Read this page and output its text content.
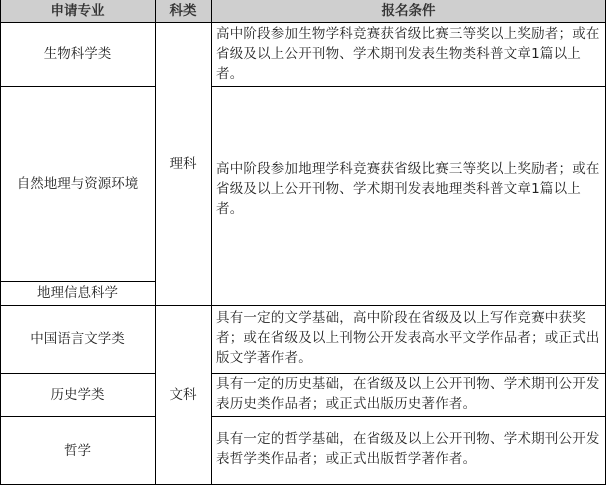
申请专业	科类	报名条件
生物科学类
自然地理与资源环境
地理信息科学
中国语言文学类
历史学类
哲学
理科
文科
高中阶段参加生物学科竞赛获省级比赛三等奖以上奖励者；或在省级及以上公开刊物、学术期刊发表生物类科普文章1篇以上者。
高中阶段参加地理学科竞赛获省级比赛三等奖以上奖励者；或在省级及以上公开刊物、学术期刊发表地理类科普文章1篇以上者。
具有一定的文学基础，高中阶段在省级及以上写作竞赛中获奖者；或在省级及以上刊物公开发表高水平文学作品者；或正式出版文学著作者。
具有一定的历史基础，在省级及以上公开刊物、学术期刊公开发表历史类作品者；或正式出版历史著作者。
具有一定的哲学基础，在省级及以上公开刊物、学术期刊公开发表哲学类作品者；或正式出版哲学著作者。
